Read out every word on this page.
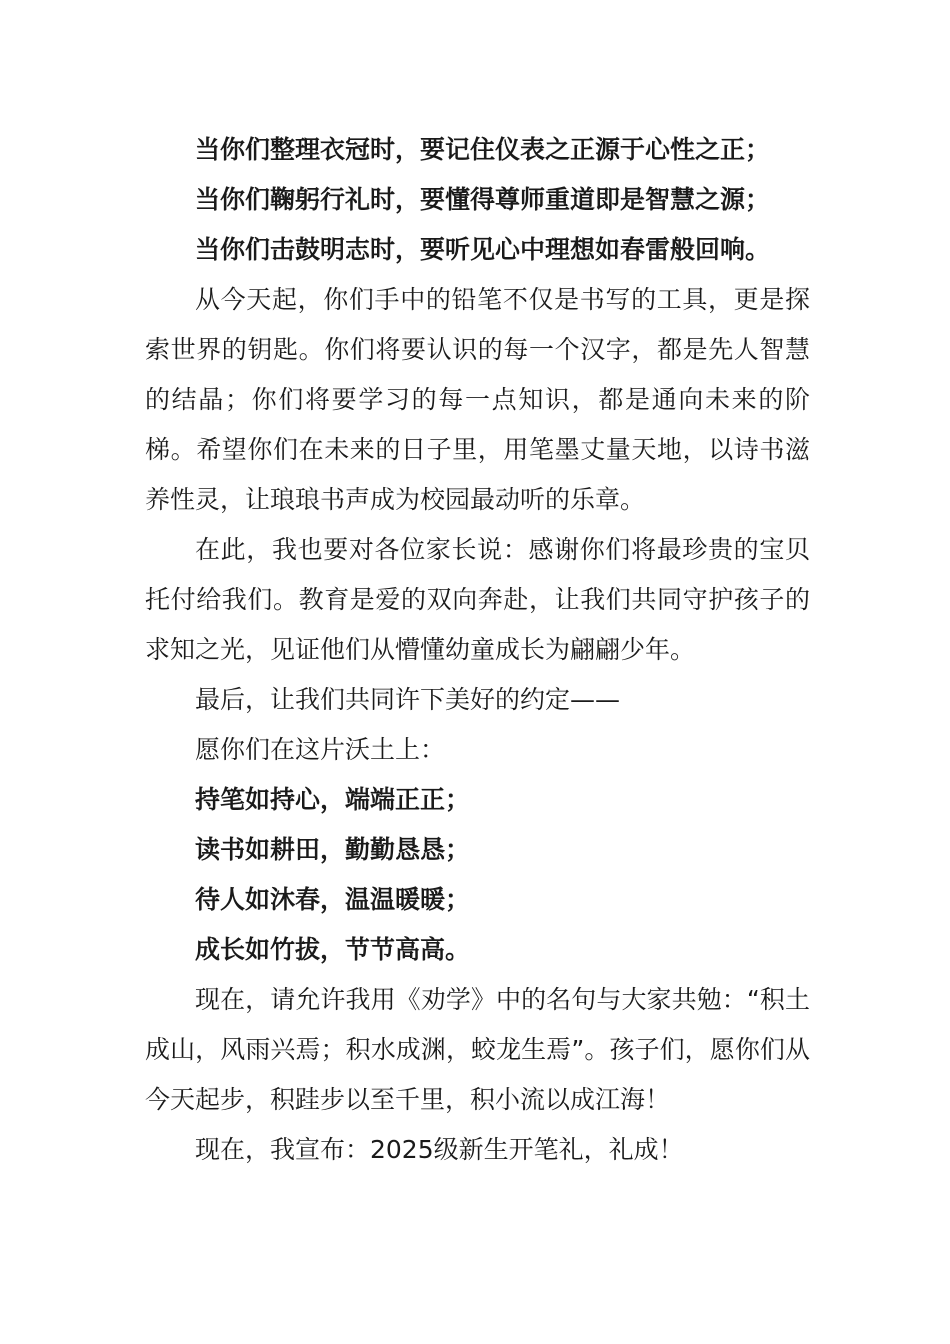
当你们整理衣冠时，要记住仪表之正源于心性之正；
当你们鞠躬行礼时，要懂得尊师重道即是智慧之源；
当你们击鼓明志时，要听见心中理想如春雷般回响。

从今天起，你们手中的铅笔不仅是书写的工具，更是探索世界的钥匙。你们将要认识的每一个汉字，都是先人智慧的结晶；你们将要学习的每一点知识，都是通向未来的阶梯。希望你们在未来的日子里，用笔墨丈量天地，以诗书滋养性灵，让琅琅书声成为校园最动听的乐章。

在此，我也要对各位家长说：感谢你们将最珍贵的宝贝托付给我们。教育是爱的双向奔赴，让我们共同守护孩子的求知之光，见证他们从懵懂幼童成长为翩翩少年。

最后，让我们共同许下美好的约定——
愿你们在这片沃土上：
持笔如持心，端端正正；
读书如耕田，勤勤恳恳；
待人如沐春，温温暖暖；
成长如竹拔，节节高高。

现在，请允许我用《劝学》中的名句与大家共勉：“积土成山，风雨兴焉；积水成渊，蛟龙生焉”。孩子们，愿你们从今天起步，积跬步以至千里，积小流以成江海！

现在，我宣布：2025级新生开笔礼，礼成！
